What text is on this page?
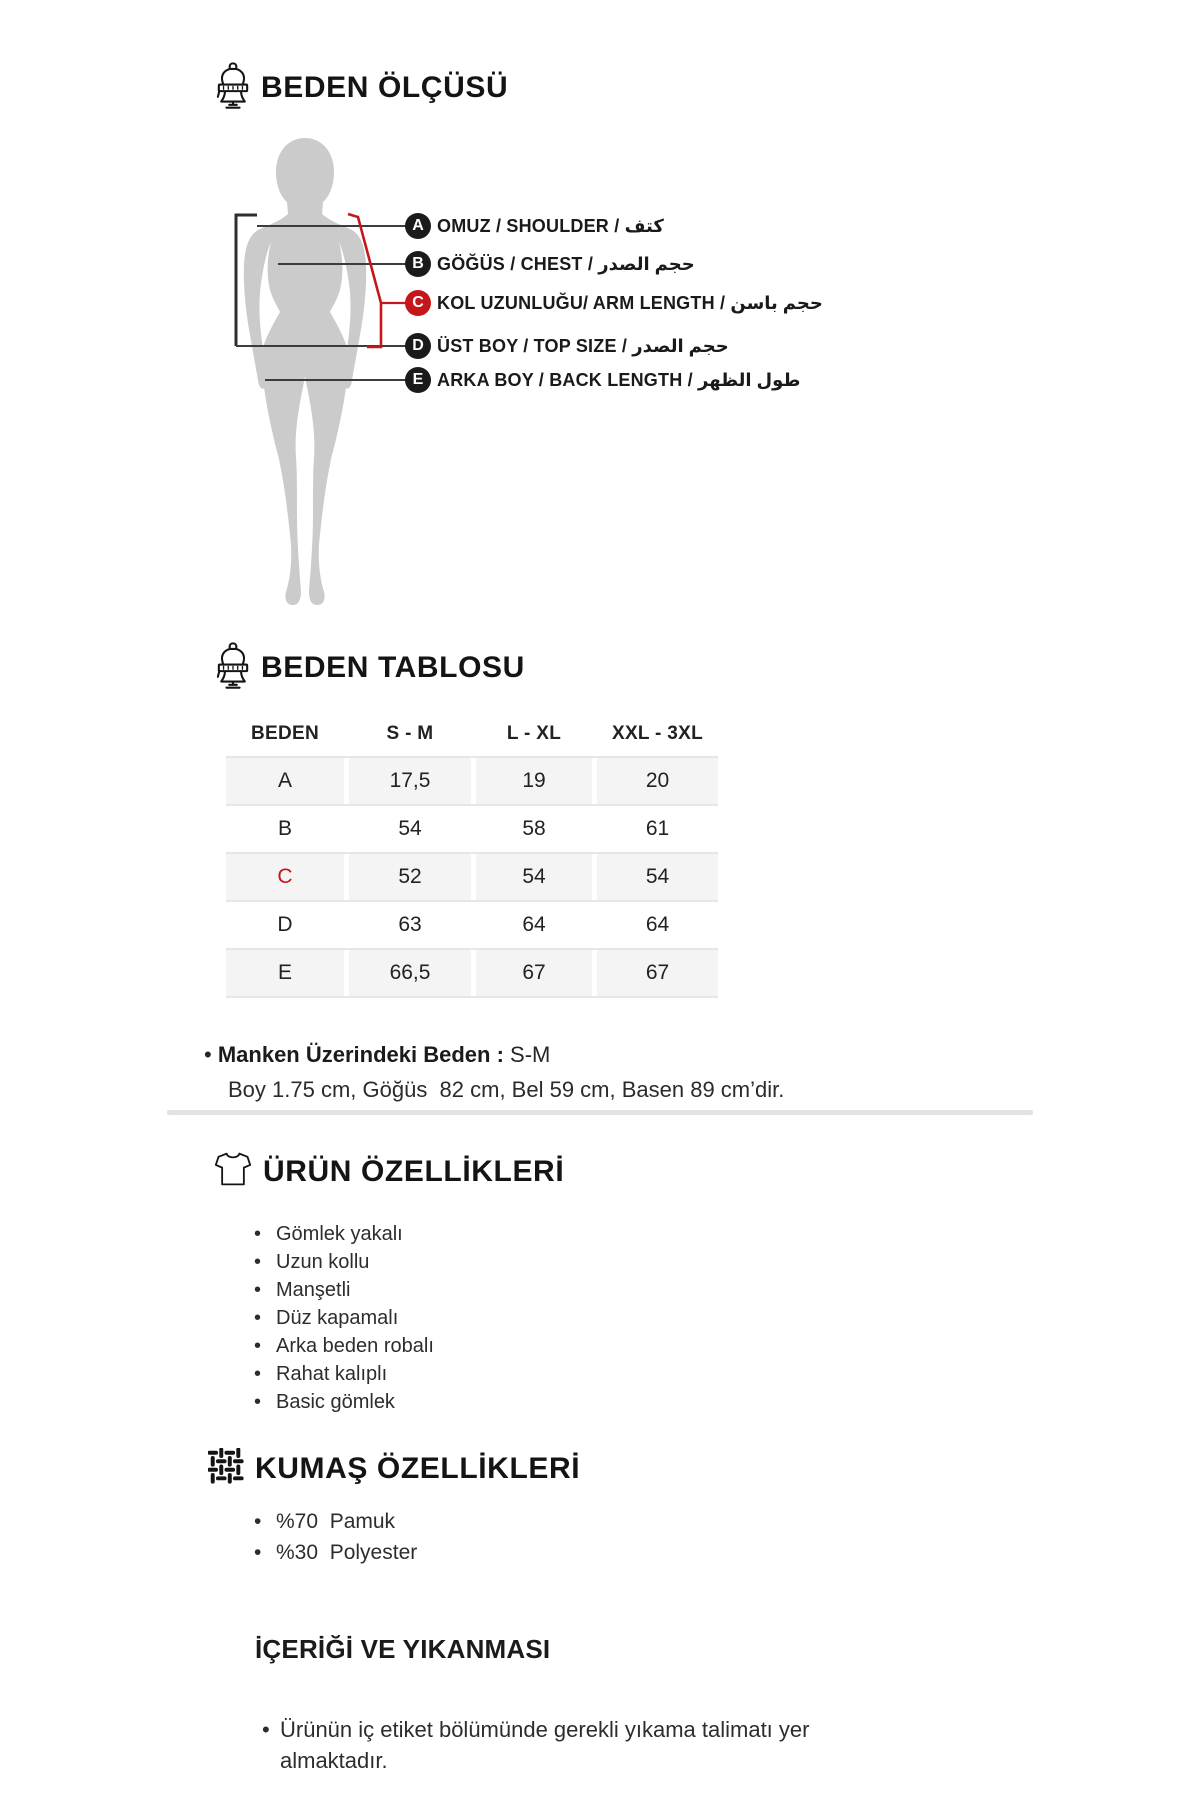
BEDEN ÖLÇÜSÜ
A
B
C
D
E
OMUZ / SHOULDER / كتف
GÖĞÜS / CHEST / حجم الصدر
KOL UZUNLUĞU/ ARM LENGTH / حجم باسن
ÜST BOY / TOP SIZE / حجم الصدر
ARKA BOY / BACK LENGTH / طول الظهر
BEDEN TABLOSU
BEDEN	S - M	L - XL	XXL - 3XL
A	17,5	19	20
B	54	58	61
C	52	54	54
D	63	64	64
E	66,5	67	67
• Manken Üzerindeki Beden : S-M
Boy 1.75 cm, Göğüs  82 cm, Bel 59 cm, Basen 89 cm’dir.
ÜRÜN ÖZELLİKLERİ
• Gömlek yakalı
• Uzun kollu
• Manşetli
• Düz kapamalı
• Arka beden robalı
• Rahat kalıplı
• Basic gömlek
KUMAŞ ÖZELLİKLERİ
• %70  Pamuk
• %30  Polyester
İÇERİĞİ VE YIKANMASI
• Ürünün iç etiket bölümünde gerekli yıkama talimatı yer almaktadır.
